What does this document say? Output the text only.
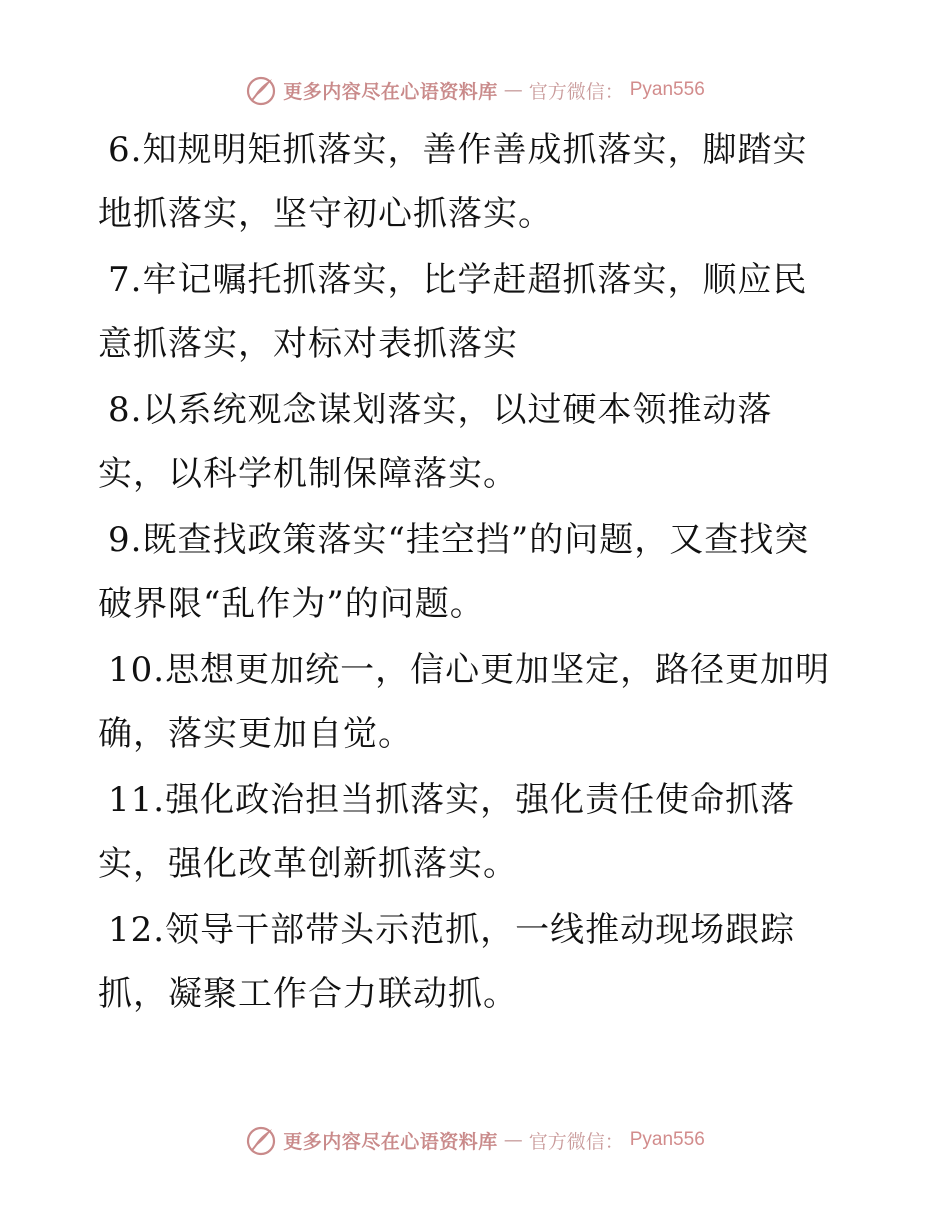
更多内容尽在心语资料库 — 官方微信： Pyan556

6.知规明矩抓落实，善作善成抓落实，脚踏实地抓落实，坚守初心抓落实。

7.牢记嘱托抓落实，比学赶超抓落实，顺应民意抓落实，对标对表抓落实

8.以系统观念谋划落实，以过硬本领推动落实，以科学机制保障落实。

9.既查找政策落实“挂空挡”的问题，又查找突破界限“乱作为”的问题。

10.思想更加统一，信心更加坚定，路径更加明确，落实更加自觉。

11.强化政治担当抓落实，强化责任使命抓落实，强化改革创新抓落实。

12.领导干部带头示范抓，一线推动现场跟踪抓，凝聚工作合力联动抓。

更多内容尽在心语资料库 — 官方微信： Pyan556
